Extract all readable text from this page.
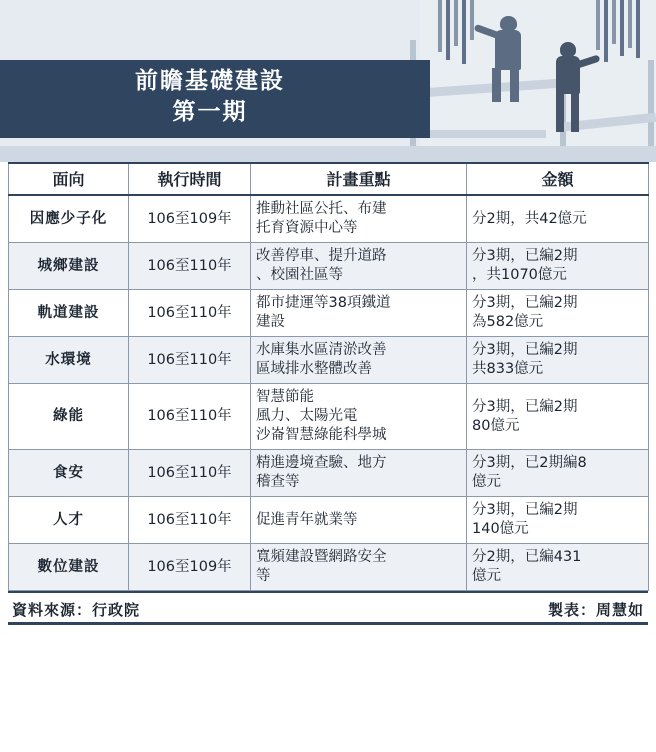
前瞻基礎建設
第一期
面向	執行時間	計畫重點	金額
因應少子化	106至109年	推動社區公托、布建
托育資源中心等	分2期，共42億元

城鄉建設	106至110年	改善停車、提升道路
、校園社區等	分3期，已編2期
，共1070億元

軌道建設	106至110年	都市捷運等38項鐵道
建設	分3期，已編2期
為582億元

水環境	106至110年	水庫集水區清淤改善
區域排水整體改善	分3期，已編2期
共833億元

綠能	106至110年	智慧節能
風力、太陽光電
沙崙智慧綠能科學城	分3期，已編2期
80億元

食安	106至110年	精進邊境查驗、地方
稽查等	分3期，已2期編8
億元

人才	106至110年	促進青年就業等	分3期，已編2期
140億元

數位建設	106至109年	寬頻建設暨網路安全
等	分2期，已編431
億元
資料來源：行政院	製表：周慧如
